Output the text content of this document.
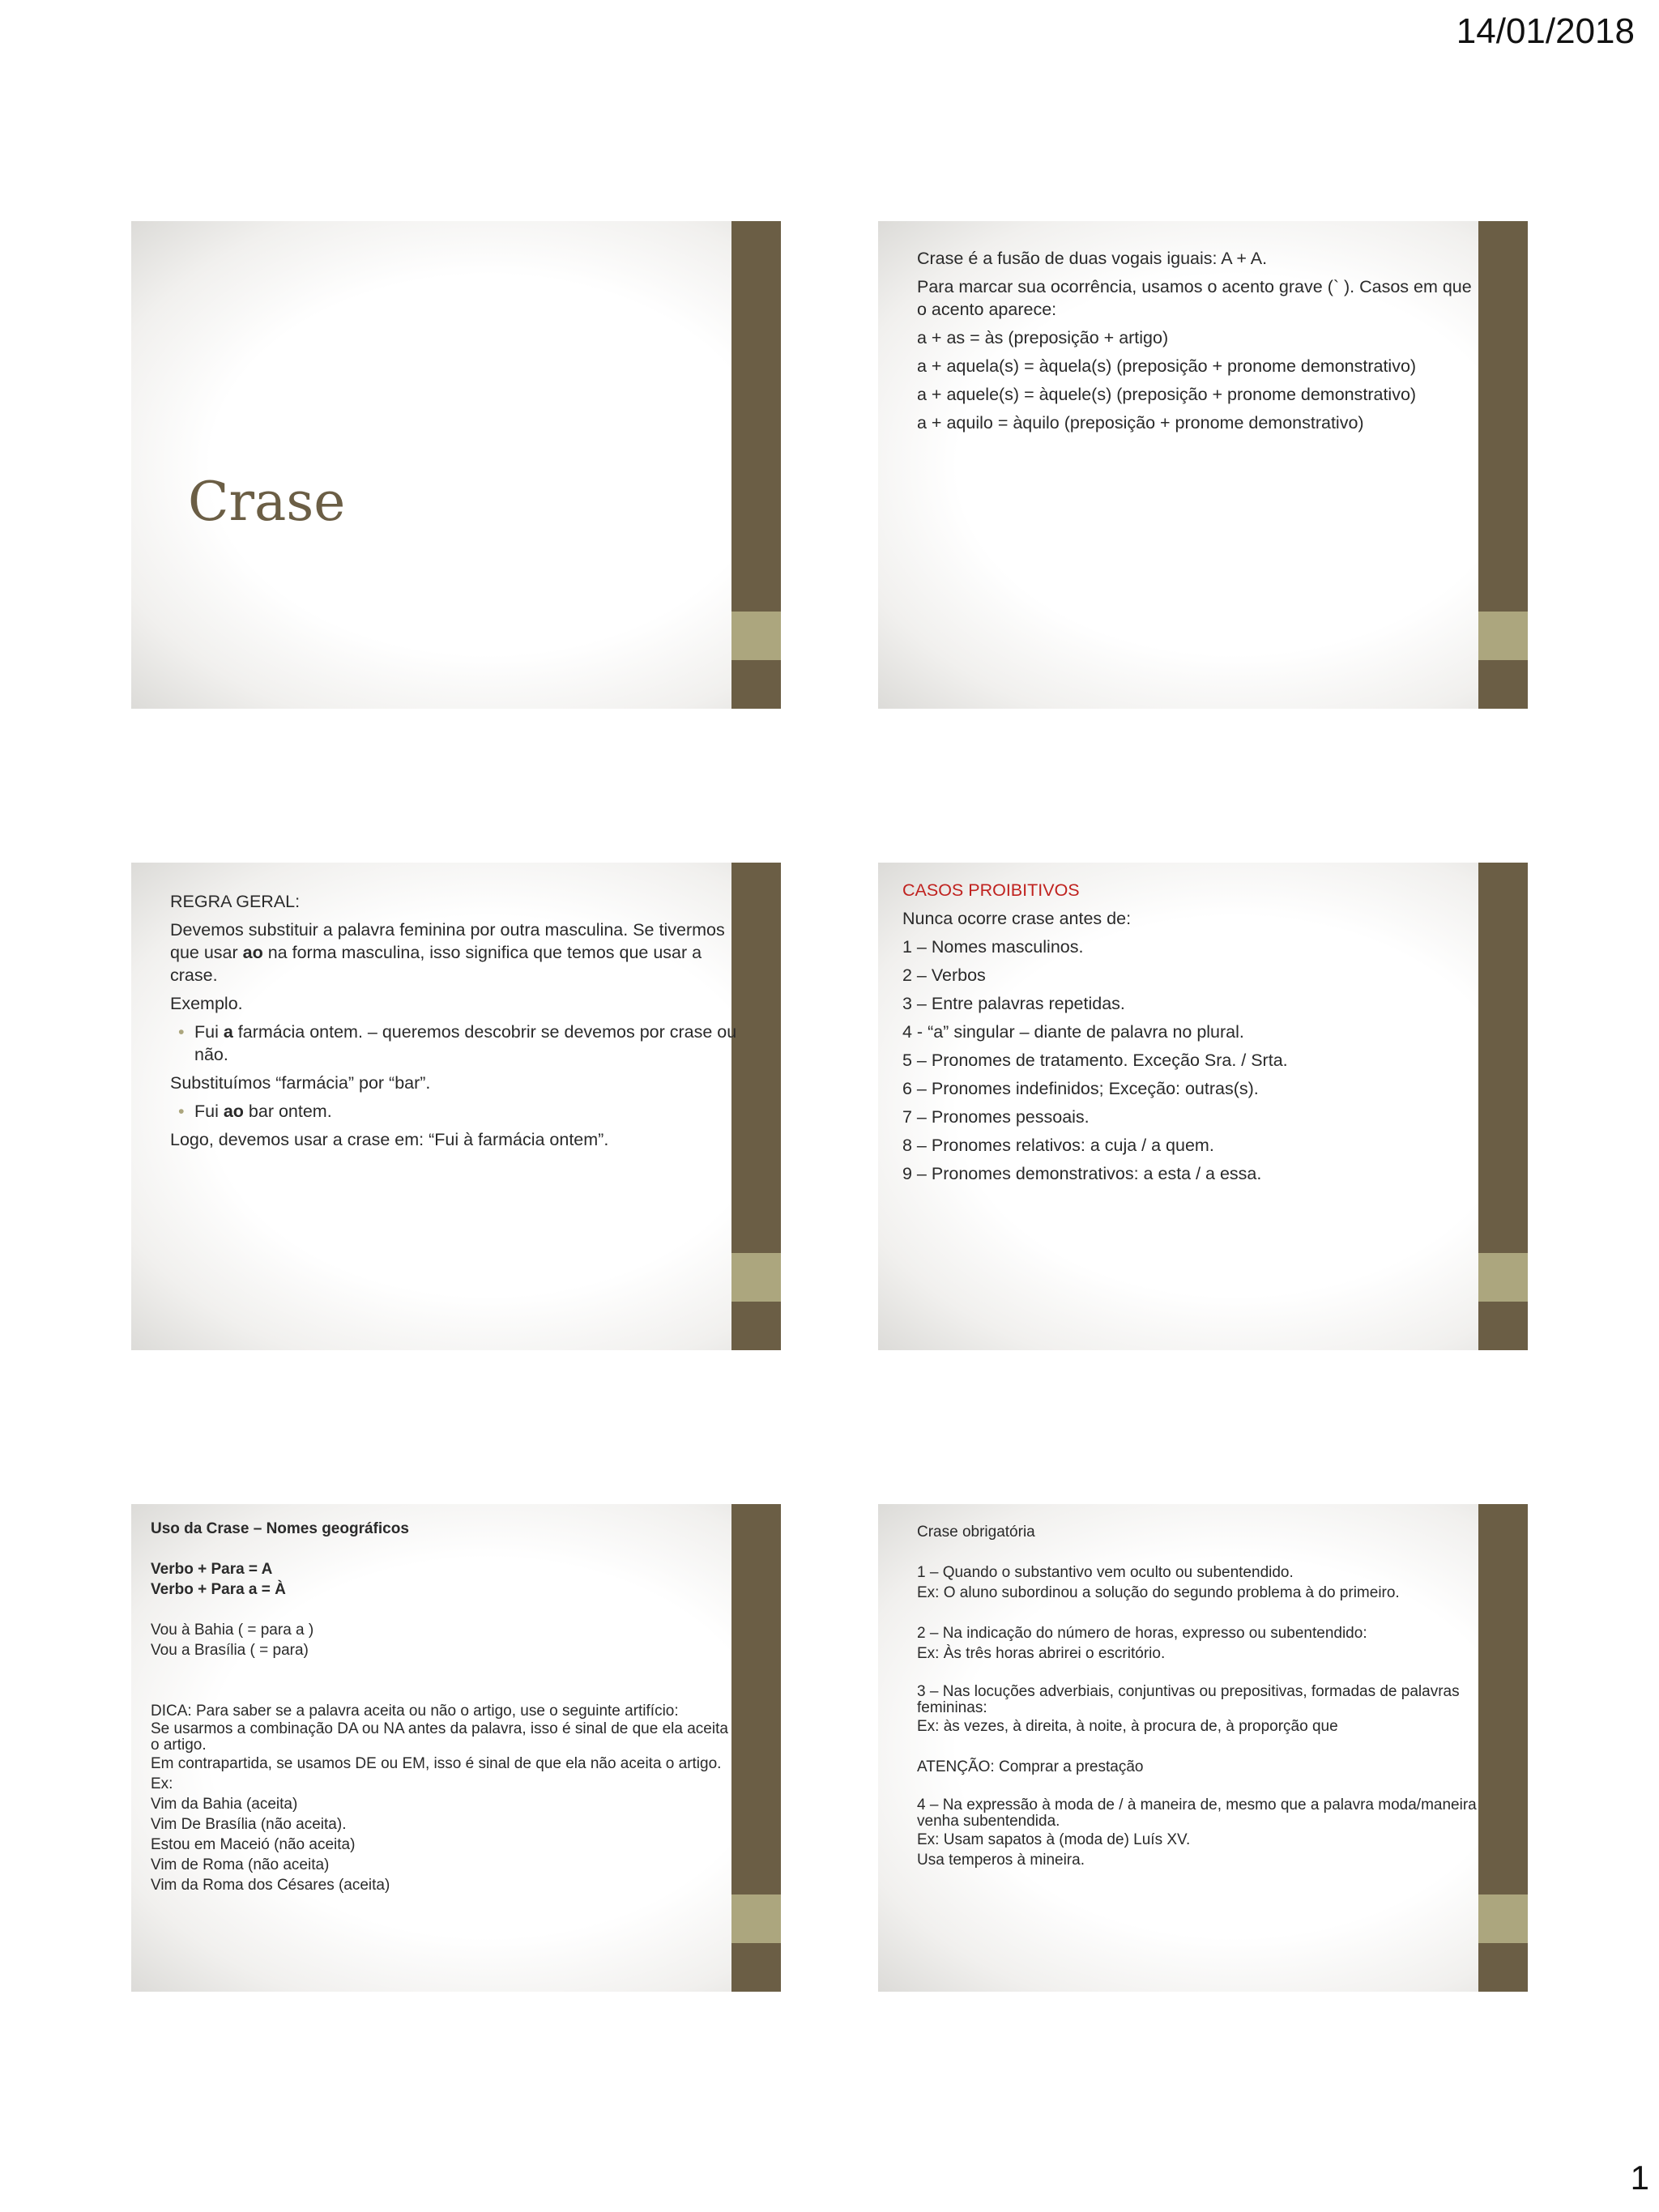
14/01/2018
Crase

Crase é a fusão de duas vogais iguais: A + A.

Para marcar sua ocorrência, usamos o acento grave (` ). Casos em que o acento aparece:

a + as = às (preposição + artigo)

a + aquela(s) = àquela(s) (preposição + pronome demonstrativo)

a + aquele(s) = àquele(s) (preposição + pronome demonstrativo)

a + aquilo = àquilo (preposição + pronome demonstrativo)

REGRA GERAL:

Devemos substituir a palavra feminina por outra masculina. Se tivermos que usar ao na forma masculina, isso significa que temos que usar a crase.

Exemplo.

• Fui a farmácia ontem. – queremos descobrir se devemos por crase ou não.

Substituímos “farmácia” por “bar”.

• Fui ao bar ontem.

Logo, devemos usar a crase em: “Fui à farmácia ontem”.

CASOS PROIBITIVOS

Nunca ocorre crase antes de:

1 – Nomes masculinos.

2 – Verbos

3 – Entre palavras repetidas.

4 - “a” singular – diante de palavra no plural.

5 – Pronomes de tratamento. Exceção Sra. / Srta.

6 – Pronomes indefinidos; Exceção: outras(s).

7 – Pronomes pessoais.

8 – Pronomes relativos: a cuja / a quem.

9 – Pronomes demonstrativos: a esta / a essa.

Uso da Crase – Nomes geográficos
Verbo + Para = A
Verbo + Para a = À
Vou à Bahia ( = para a )
Vou a Brasília ( = para)
DICA: Para saber se a palavra aceita ou não o artigo, use o seguinte artifício:
Se usarmos a combinação DA ou NA antes da palavra, isso é sinal de que ela aceita o artigo.
Em contrapartida, se usamos DE ou EM, isso é sinal de que ela não aceita o artigo.
Ex:
Vim da Bahia (aceita)
Vim De Brasília (não aceita).
Estou em Maceió (não aceita)
Vim de Roma (não aceita)
Vim da Roma dos Césares (aceita)
Crase obrigatória
1 – Quando o substantivo vem oculto ou subentendido.
Ex: O aluno subordinou a solução do segundo problema à do primeiro.
2 – Na indicação do número de horas, expresso ou subentendido:
Ex: Às três horas abrirei o escritório.
3 – Nas locuções adverbiais, conjuntivas ou prepositivas, formadas de palavras femininas:
Ex: às vezes, à direita, à noite, à procura de, à proporção que
ATENÇÃO: Comprar a prestação
4 – Na expressão à moda de / à maneira de, mesmo que a palavra moda/maneira venha subentendida.
Ex: Usam sapatos à (moda de) Luís XV.
Usa temperos à mineira.
1
